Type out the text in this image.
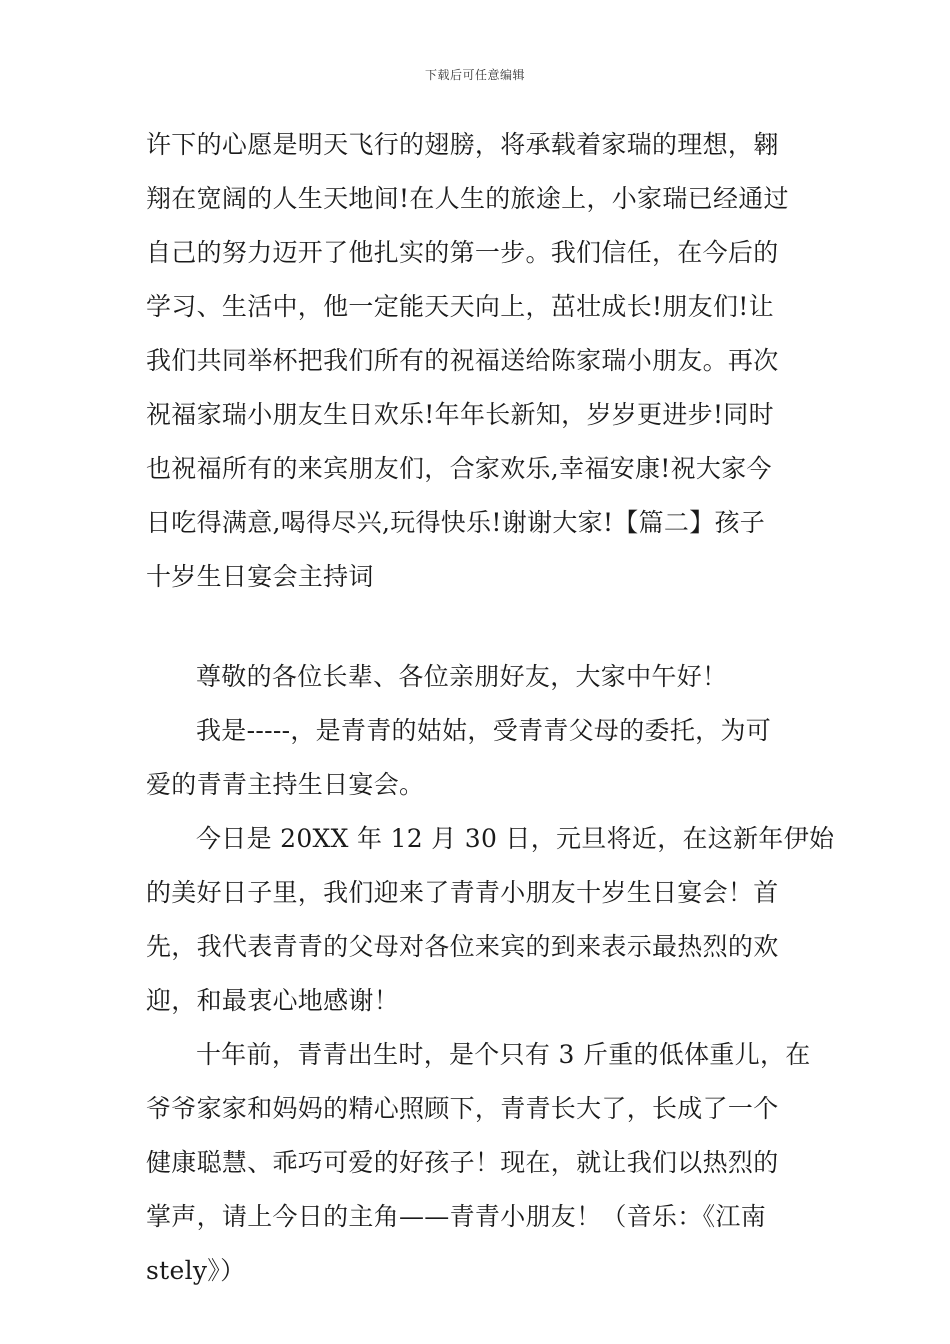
下载后可任意编辑
许下的心愿是明天飞行的翅膀，将承载着家瑞的理想，翱
翔在宽阔的人生天地间!在人生的旅途上，小家瑞已经通过
自己的努力迈开了他扎实的第一步。我们信任，在今后的
学习、生活中，他一定能天天向上，茁壮成长!朋友们!让
我们共同举杯把我们所有的祝福送给陈家瑞小朋友。再次
祝福家瑞小朋友生日欢乐!年年长新知，岁岁更进步!同时
也祝福所有的来宾朋友们，合家欢乐,幸福安康!祝大家今
日吃得满意,喝得尽兴,玩得快乐!谢谢大家!【篇二】孩子
十岁生日宴会主持词
尊敬的各位长辈、各位亲朋好友，大家中午好！
我是-----，是青青的姑姑，受青青父母的委托，为可
爱的青青主持生日宴会。
今日是 20XX 年 12 月 30 日，元旦将近，在这新年伊始
的美好日子里，我们迎来了青青小朋友十岁生日宴会！首
先，我代表青青的父母对各位来宾的到来表示最热烈的欢
迎，和最衷心地感谢！
十年前，青青出生时，是个只有 3 斤重的低体重儿，在
爷爷家家和妈妈的精心照顾下，青青长大了，长成了一个
健康聪慧、乖巧可爱的好孩子！现在，就让我们以热烈的
掌声，请上今日的主角——青青小朋友！（音乐：《江南
stely》）
